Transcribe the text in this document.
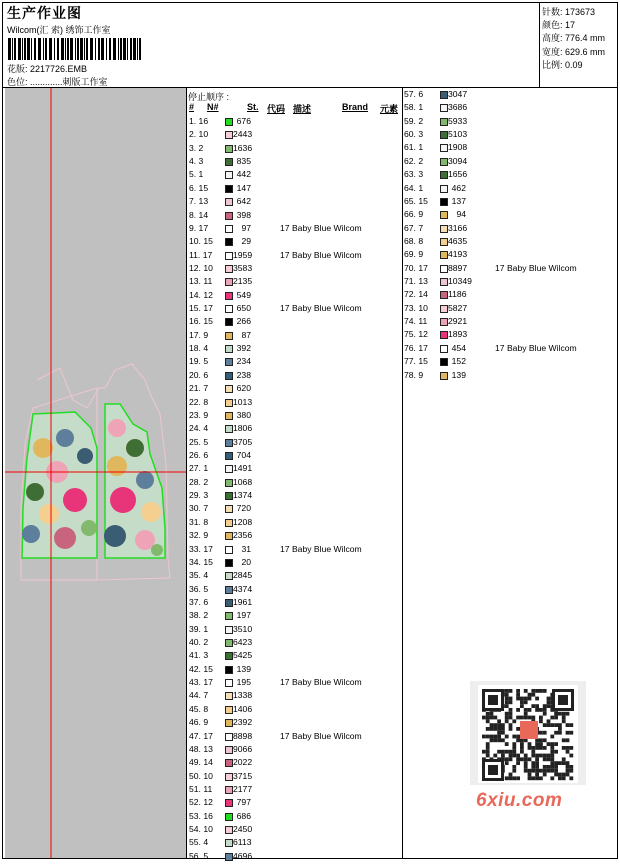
生产作业图
Wilcom(汇 索) 绣饰工作室
花版: 2217726.EMB
色位: .............刺版工作室
针数: 173673
颜色: 17
高度: 776.4 mm
宽度: 629.6 mm
比例: 0.09
停止顺序 :
# N#	St. 代码 描述	Brand 元素
1. 16	676
2. 10	2443
3. 2	1636
4. 3	835
5. 1	442
6. 15	147
7. 13	642
8. 14	398
9. 17	97	17 Baby Blue Wilcom
10. 15	29
11. 17	1959	17 Baby Blue Wilcom
12. 10 3583
13. 11	2135
14. 12	549
15. 17	650	17 Baby Blue Wilcom
16. 15	266
17. 9	87
18. 4	392
19. 5	234
20. 6	238
21. 7	620
22. 8	1013
23. 9	380
24. 4	1806
25. 5	3705
26. 6	704
27. 1	1491
28. 2	1068
29. 3	1374
30. 7	720
31. 8	1208
32. 9	2356
33. 17	31	17 Baby Blue Wilcom
34. 15	20
35. 4	2845
36. 5	4374
37. 6	1961
38. 2	197
39. 1	3510
40. 2	6423
41. 3	5425
42. 15	139
43. 17	195	17 Baby Blue Wilcom
44. 7	1338
45. 8	1406
46. 9	2392
47. 17 8898	17 Baby Blue Wilcom
48. 13 9066
49. 14 2022
50. 10 3715
51. 11	2177
52. 12	797
53. 16	686
54. 10 2450
55. 4	6113
56. 5	4696
57. 6	3047
58. 1	3686
59. 2	5933
60. 3	5103
61. 1	1908
62. 2	3094
63. 3	1656
64. 1	462
65. 15	137
66. 9	94
67. 7	3166
68. 8	4635
69. 9	4193
70. 17 8897	17 Baby Blue Wilcom
71. 13 10349
72. 14 1186
73. 10 5827
74. 11	2921
75. 12 1893
76. 17	454	17 Baby Blue Wilcom
77. 15	152
78. 9	139
6xiu.com
